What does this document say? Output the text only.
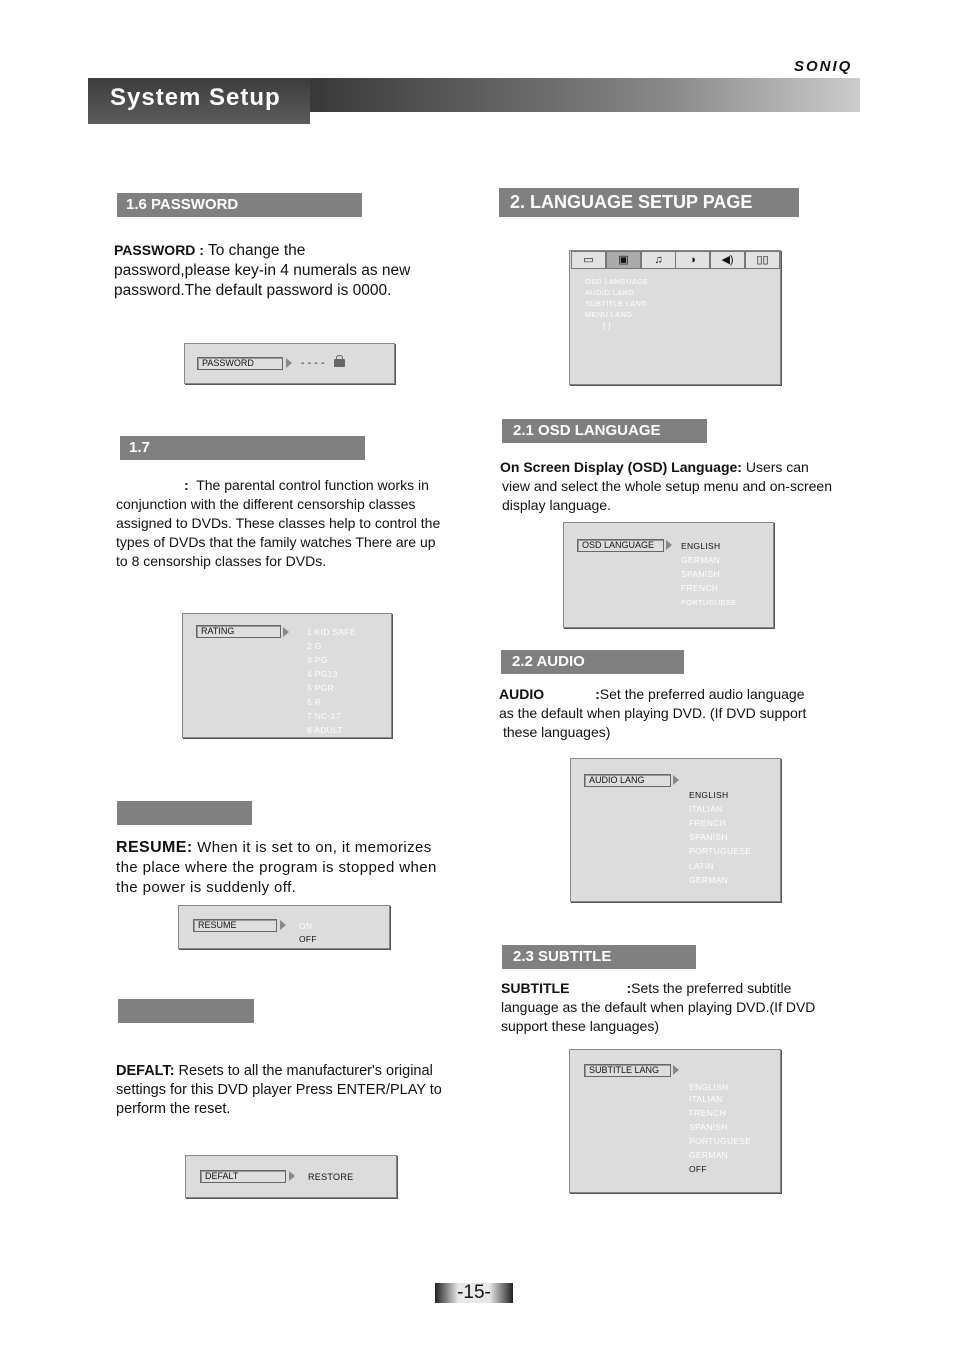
SONIQ
System Setup
1.6 PASSWORD
PASSWORD : To change the
password,please key-in 4 numerals as new
password.The default password is 0000.
PASSWORD	- - - -
1.7
: The parental control function works in
conjunction with the different censorship classes
assigned to DVDs. These classes help to control the
types of DVDs that the family watches There are up
to 8 censorship classes for DVDs.
RATING	1 KID SAFE
2 G
3 PG
4 PG13
5 PGR
6 R
7 NC-17
8 ADULT
RESUME: When it is set to on, it memorizes
the place where the program is stopped when
the power is suddenly off.
RESUME	ON
OFF
DEFALT: Resets to all the manufacturer's original
settings for this DVD player Press ENTER/PLAY to
perform the reset.
DEFALT	RESTORE
2. LANGUAGE SETUP PAGE
OSD LANGUAGE
AUDIO LANG
SUBTITLE LANG
MENU LANG
[ ]
▭	▣	♫	◑	◀)	▯▯
2.1 OSD LANGUAGE
On Screen Display (OSD) Language: Users can
view and select the whole setup menu and on-screen
display language.
OSD LANGUAGE	ENGLISH
GERMAN
SPANISH
FRENCH
PORTUGUESE
2.2 AUDIO
AUDIO	:Set the preferred audio language
as the default when playing DVD. (If DVD support
these languages)
AUDIO LANG
ENGLISH
ITALIAN
FRENCH
SPANISH
PORTUGUESE
LATIN
GERMAN
2.3 SUBTITLE
SUBTITLE	:Sets the preferred subtitle
language as the default when playing DVD.(If DVD
support these languages)
SUBTITLE LANG
ENGLISH
ITALIAN
FRENCH
SPANISH
PORTUGUESE
GERMAN
OFF
-15-
